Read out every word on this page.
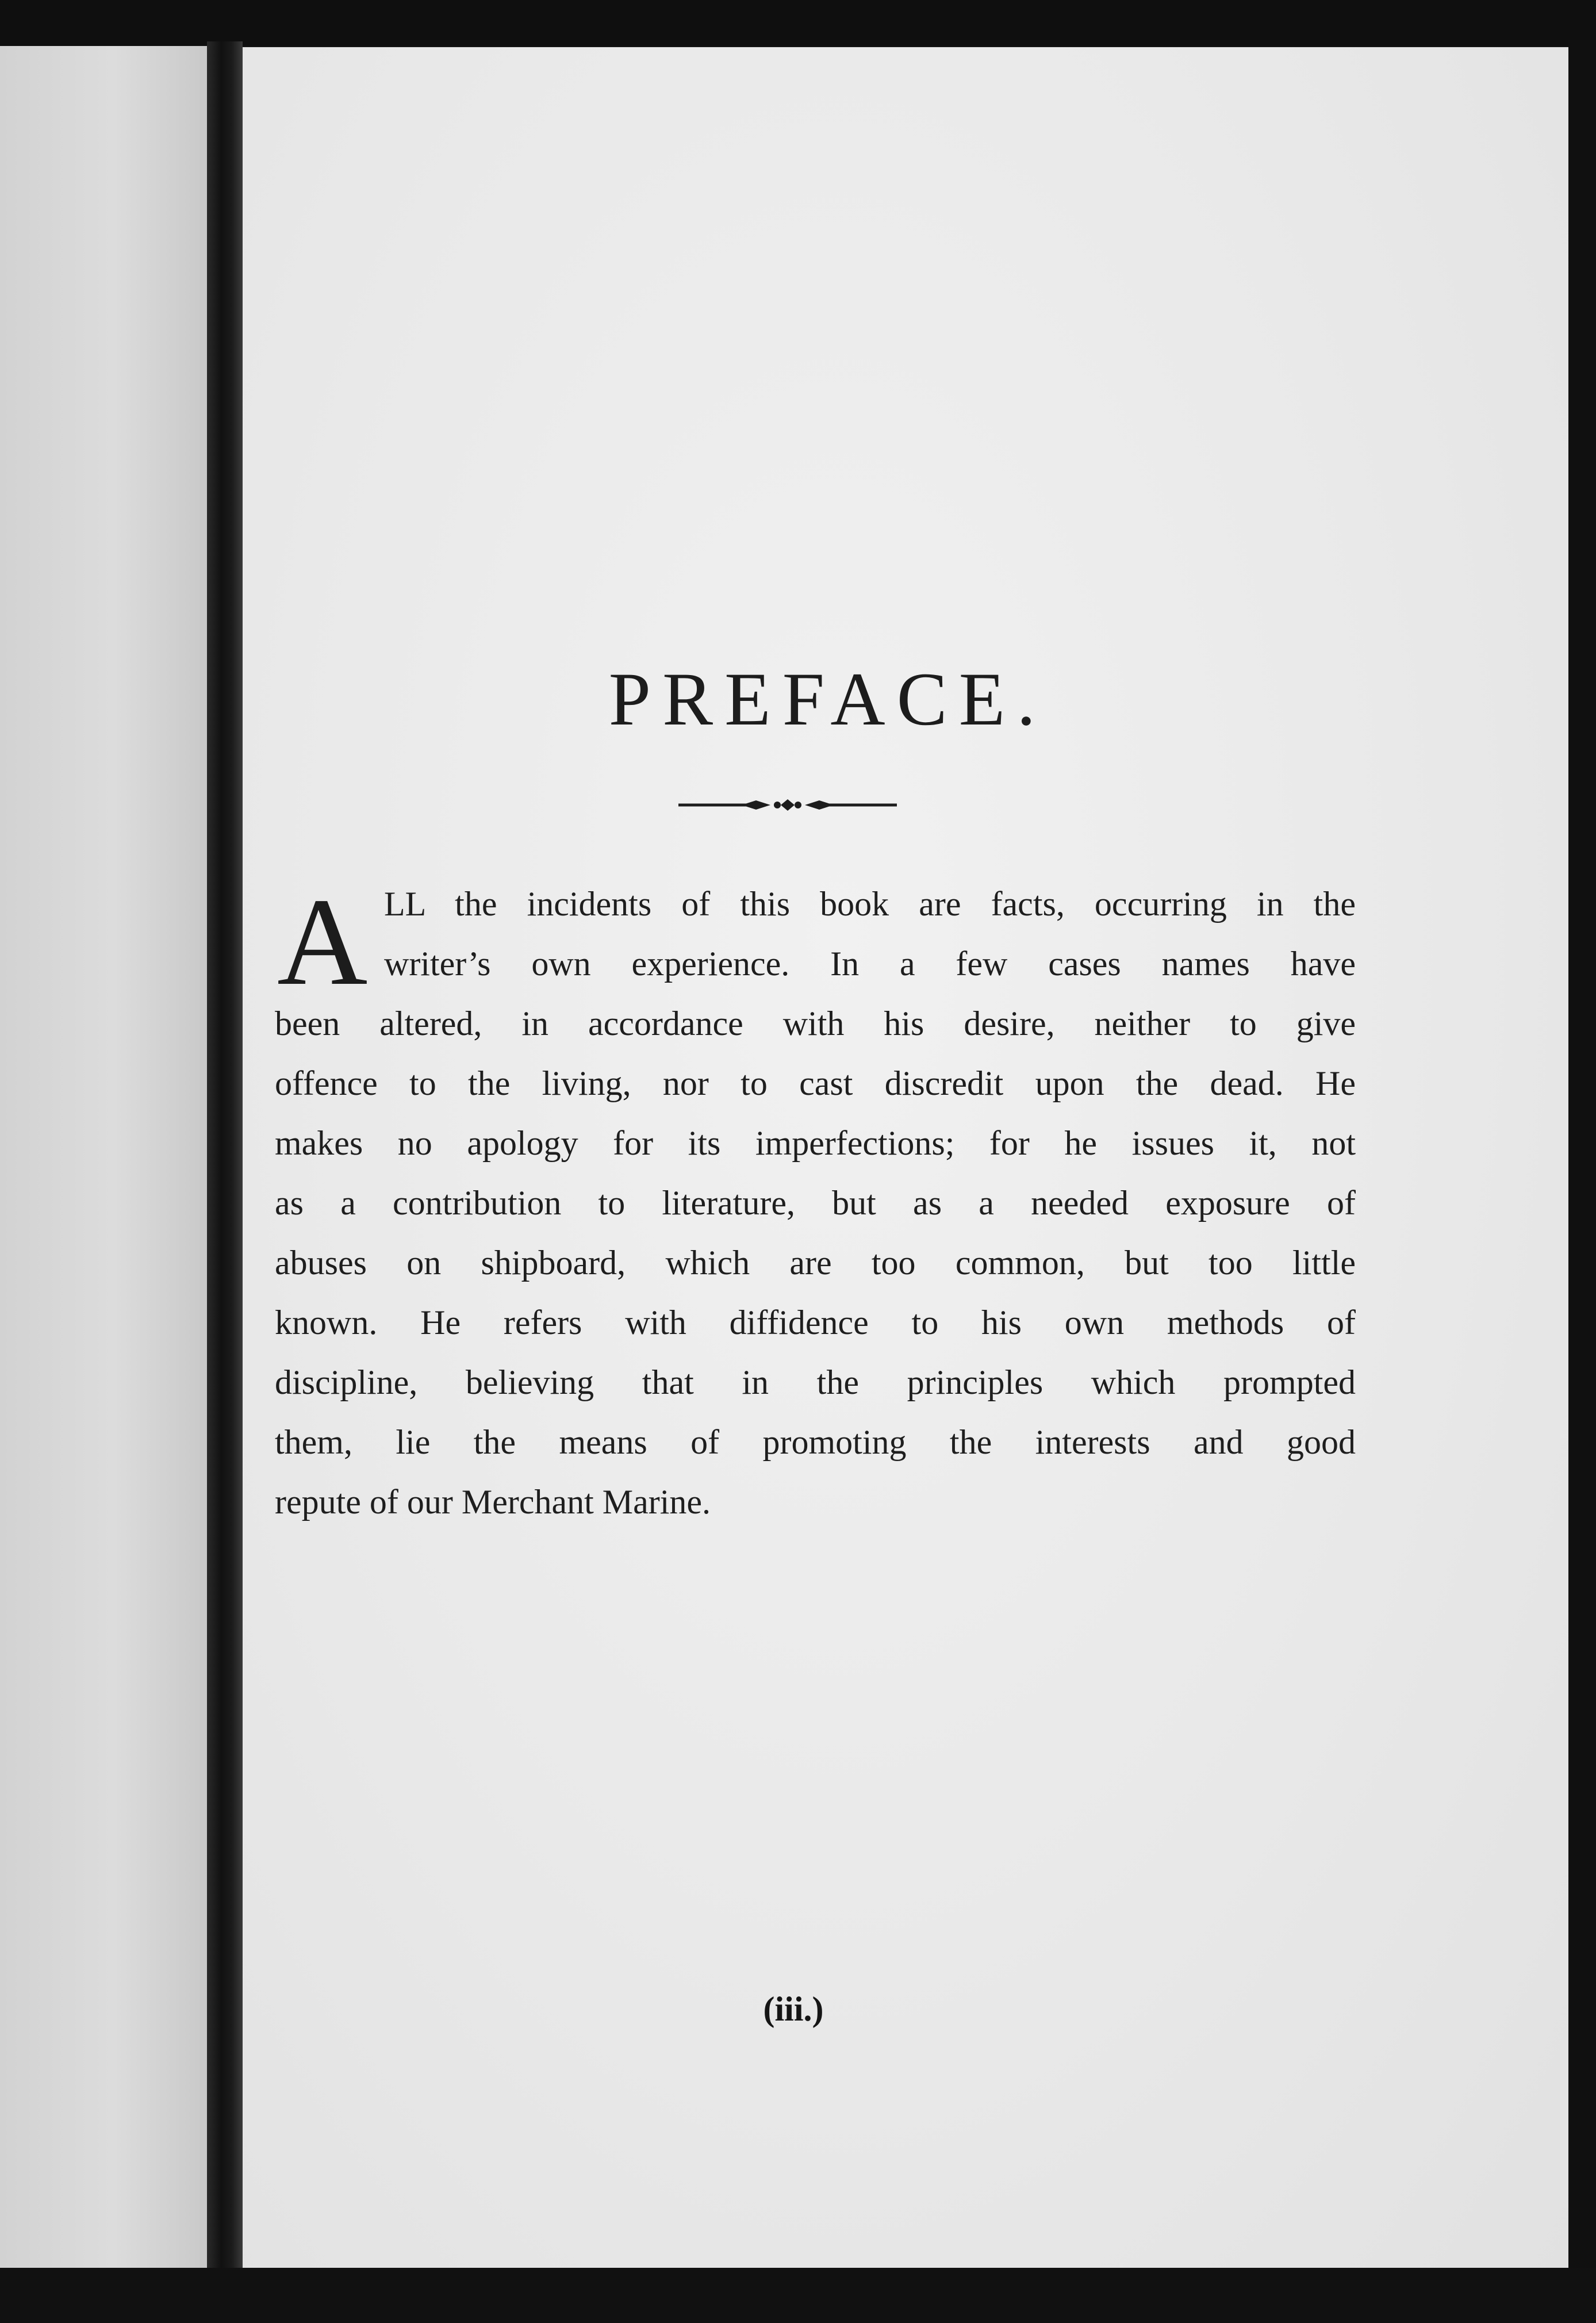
PREFACE.
A LL the incidents of this book are facts, occurring in the
writer’s own experience. In a few cases names have
been altered, in accordance with his desire, neither to give
offence to the living, nor to cast discredit upon the dead. He
makes no apology for its imperfections; for he issues it, not
as a contribution to literature, but as a needed exposure of
abuses on shipboard, which are too common, but too little
known. He refers with diffidence to his own methods of
discipline, believing that in the principles which prompted
them, lie the means of promoting the interests and good
repute of our Merchant Marine.
(iii.)
